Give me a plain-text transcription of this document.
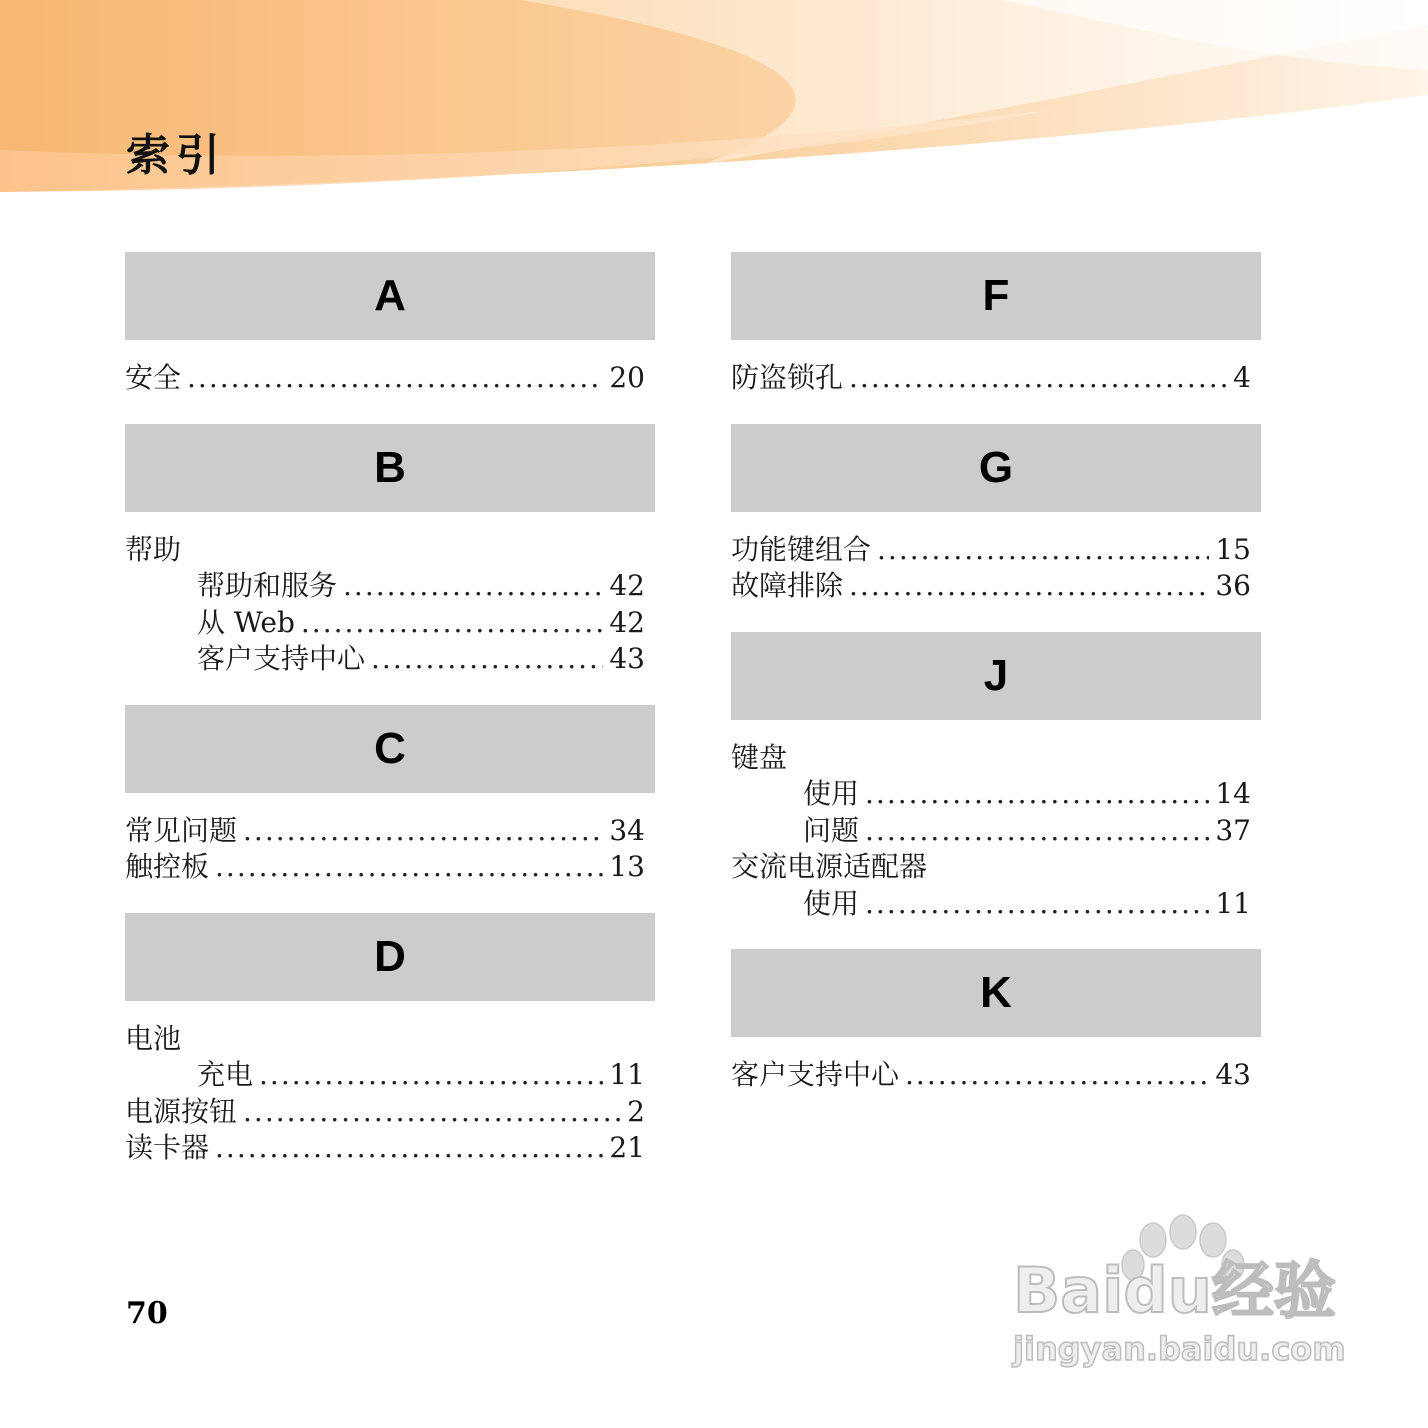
索引
A
安全 .....	20
B
帮助
帮助和服务 .....	42
从 Web .....	42
客户支持中心 .....	43
C
常见问题 .....	34
触控板 .....	13
D
电池
充电 .....	11
电源按钮 .....	2
读卡器 .....	21
F
防盗锁孔 .....	4
G
功能键组合 .....	15
故障排除 .....	36
J
键盘
使用 .....	14
问题 .....	37
交流电源适配器
使用 .....	11
K
客户支持中心 .....	43
70	Baidu经验
jingyan.baidu.com
